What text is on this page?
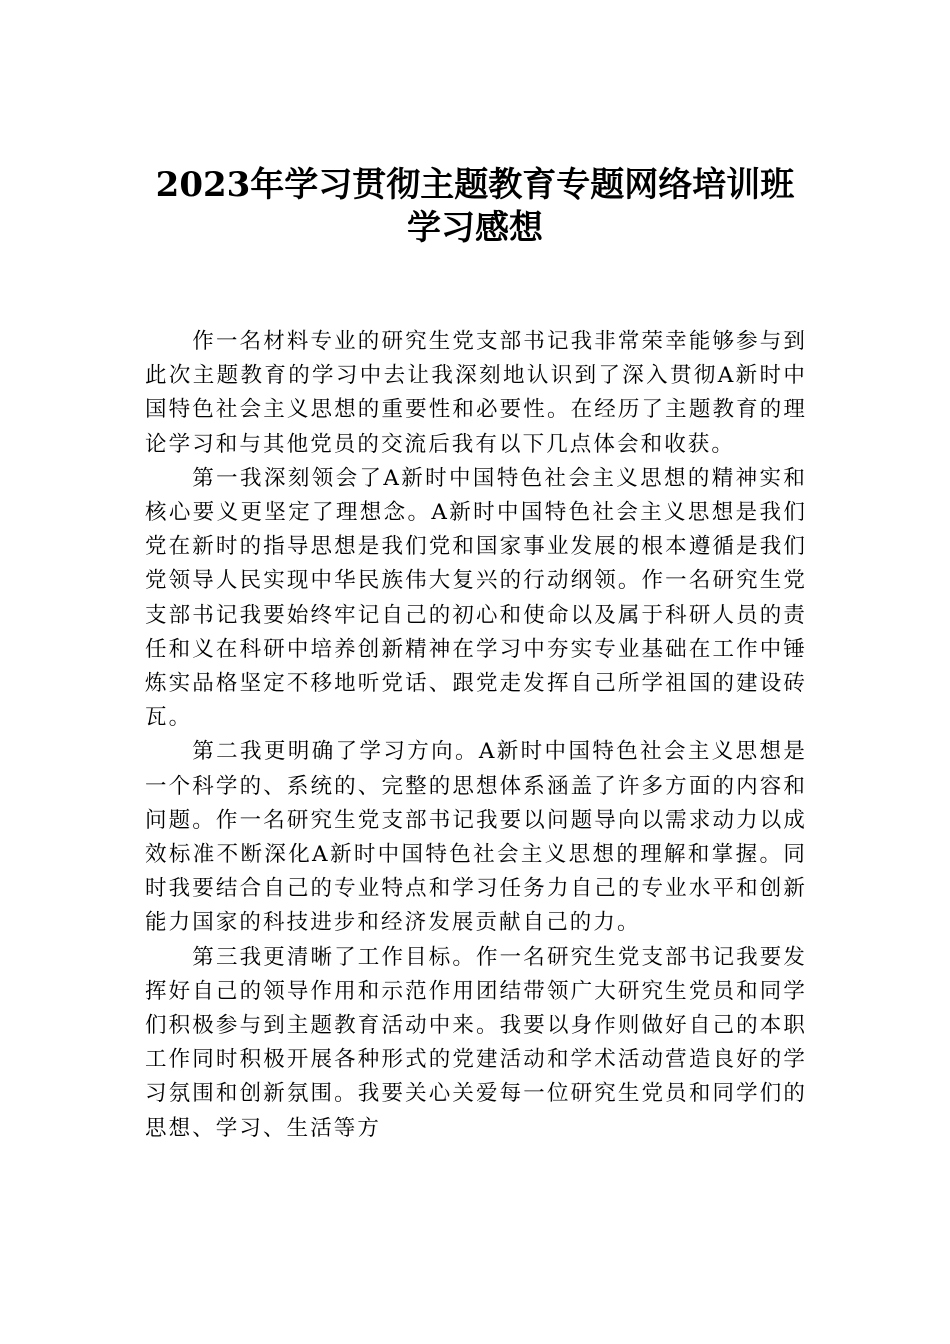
2023年学习贯彻主题教育专题网络培训班
学习感想

作一名材料专业的研究生党支部书记我非常荣幸能够参与到此次主题教育的学习中去让我深刻地认识到了深入贯彻A新时中国特色社会主义思想的重要性和必要性。在经历了主题教育的理论学习和与其他党员的交流后我有以下几点体会和收获。

第一我深刻领会了A新时中国特色社会主义思想的精神实和核心要义更坚定了理想念。A新时中国特色社会主义思想是我们党在新时的指导思想是我们党和国家事业发展的根本遵循是我们党领导人民实现中华民族伟大复兴的行动纲领。作一名研究生党支部书记我要始终牢记自己的初心和使命以及属于科研人员的责任和义在科研中培养创新精神在学习中夯实专业基础在工作中锤炼实品格坚定不移地听党话、跟党走发挥自己所学祖国的建设砖瓦。

第二我更明确了学习方向。A新时中国特色社会主义思想是一个科学的、系统的、完整的思想体系涵盖了许多方面的内容和问题。作一名研究生党支部书记我要以问题导向以需求动力以成效标准不断深化A新时中国特色社会主义思想的理解和掌握。同时我要结合自己的专业特点和学习任务力自己的专业水平和创新能力国家的科技进步和经济发展贡献自己的力。

第三我更清晰了工作目标。作一名研究生党支部书记我要发挥好自己的领导作用和示范作用团结带领广大研究生党员和同学们积极参与到主题教育活动中来。我要以身作则做好自己的本职工作同时积极开展各种形式的党建活动和学术活动营造良好的学习氛围和创新氛围。我要关心关爱每一位研究生党员和同学们的思想、学习、生活等方
